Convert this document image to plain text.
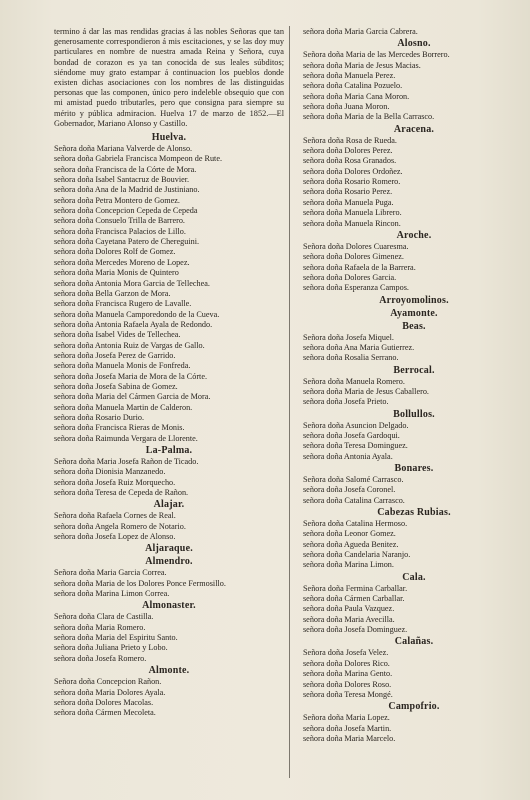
termino á dar las mas rendidas gracias á las nobles Señoras que tan generosamente correspondieron á mis escitaciones, y se las doy muy particulares en nombre de nuestra amada Reina y Señora, cuya bondad de corazon es ya tan conocida de sus leales súbditos; siéndome muy grato estampar á continuacion los pueblos donde existen dichas asociaciones con los nombres de las distinguidas personas que las componen, único pero indeleble obsequio que con mi amistad puedo tributarles, pero que consigna para siempre su mérito y pública admiracion. Huelva 17 de marzo de 1852.—El Gobernador, Mariano Alonso y Castillo.

Huelva.
Señora doña Mariana Valverde de Alonso.
señora doña Gabriela Francisca Mompeon de Rute.
señora doña Francisca de la Córte de Mora.
señora doña Isabel Santacruz de Bouvier.
señora doña Ana de la Madrid de Justiniano.
señora doña Petra Montero de Gomez.
señora doña Concepcion Cepeda de Cepeda
señora doña Consuelo Trilla de Barrero.
señora doña Francisca Palacios de Lillo.
señora doña Cayetana Patero de Chereguini.
señora doña Dolores Rolf de Gomez.
señora doña Mercedes Moreno de Lopez.
señora doña Maria Monis de Quintero
señora doña Antonia Mora Garcia de Tellechea.
señora doña Bella Garzon de Mora.
señora doña Francisca Rugero de Lavalle.
señora doña Manuela Camporedondo de la Cueva.
señora doña Antonia Rafaela Ayala de Redondo.
señora doña Isabel Vides de Tellechea.
señora doña Antonia Ruiz de Vargas de Gallo.
señora doña Josefa Perez de Garrido.
señora doña Manuela Monis de Fonfreda.
señora doña Josefa Maria de Mora de la Córte.
señora doña Josefa Sabina de Gomez.
señora doña Maria del Cármen Garcia de Mora.
señora doña Manuela Martin de Calderon.
señora doña Rosario Durio.
señora doña Francisca Rieras de Monis.
señora doña Raimunda Vergara de Llorente.
La-Palma.
Señora doña Maria Josefa Rañon de Ticado.
señora doña Dionisia Manzanedo.
señora doña Josefa Ruiz Morquecho.
señora doña Teresa de Cepeda de Rañon.
Alajar.
Señora doña Rafaela Cornes de Real.
señora doña Angela Romero de Notario.
señora doña Josefa Lopez de Alonso.
Aljaraque.
Almendro.
Señora doña Maria Garcia Correa.
señora doña Maria de los Dolores Ponce Fermosillo.
señora doña Marina Limon Correa.
Almonaster.
Señora doña Clara de Castilla.
señora doña Maria Romero.
señora doña Maria del Espiritu Santo.
señora doña Juliana Prieto y Lobo.
señora doña Josefa Romero.
Almonte.
Señora doña Concepcion Rañon.
señora doña Maria Dolores Ayala.
señora doña Dolores Macolas.
señora doña Cármen Mecoleta.
señora doña Maria Garcia Cabrera.
Alosno.
Señora doña Maria de las Mercedes Borrero.
señora doña Maria de Jesus Macias.
señora doña Manuela Perez.
señora doña Catalina Pozuelo.
señora doña Maria Cana Moron.
señora doña Juana Moron.
señora doña Maria de la Bella Carrasco.
Aracena.
Señora doña Rosa de Rueda.
señora doña Dolores Perez.
señora doña Rosa Granados.
señora doña Dolores Ordoñez.
señora doña Rosario Romero.
señora doña Rosario Perez.
señora doña Manuela Puga.
señora doña Manuela Librero.
señora doña Manuela Rincon.
Aroche.
Señora doña Dolores Cuaresma.
señora doña Dolores Gimenez.
señora doña Rafaela de la Barrera.
señora doña Dolores Garcia.
señora doña Esperanza Campos.
Arroyomolinos.
Ayamonte.
Beas.
Señora doña Josefa Miquel.
señora doña Ana Maria Gutierrez.
señora doña Rosalia Serrano.
Berrocal.
Señora doña Manuela Romero.
señora doña Maria de Jesus Caballero.
señora doña Josefa Prieto.
Bollullos.
Señora doña Asuncion Delgado.
señora doña Josefa Gardoqui.
señora doña Teresa Dominguez.
señora doña Antonia Ayala.
Bonares.
Señora doña Salomé Carrasco.
señora doña Josefa Coronel.
señora doña Catalina Carrasco.
Cabezas Rubias.
Señora doña Catalina Hermoso.
señora doña Leonor Gomez.
señora doña Agueda Benitez.
señora doña Candelaria Naranjo.
señora doña Marina Limon.
Cala.
Señora doña Fermina Carballar.
señora doña Cármen Carballar.
señora doña Paula Vazquez.
señora doña Maria Avecilla.
señora doña Josefa Dominguez.
Calañas.
Señora doña Josefa Velez.
señora doña Dolores Rico.
señora doña Marina Gento.
señora doña Dolores Roso.
señora doña Teresa Mongé.
Campofrio.
Señora doña Maria Lopez.
señora doña Josefa Martin.
señora doña Maria Marcelo.
